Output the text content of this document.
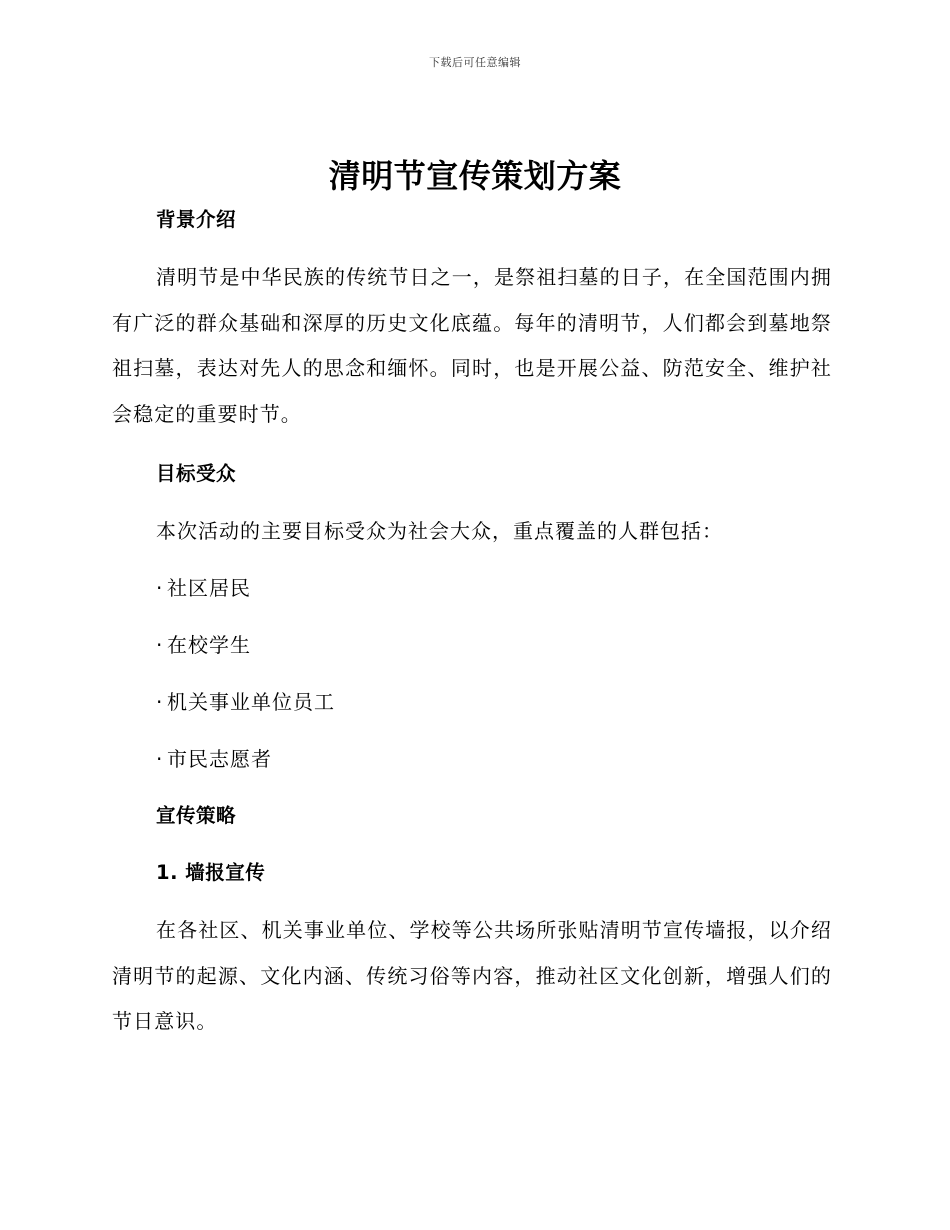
下载后可任意编辑
清明节宣传策划方案
背景介绍

清明节是中华民族的传统节日之一，是祭祖扫墓的日子，在全国范围内拥有广泛的群众基础和深厚的历史文化底蕴。每年的清明节，人们都会到墓地祭祖扫墓，表达对先人的思念和缅怀。同时，也是开展公益、防范安全、维护社会稳定的重要时节。

目标受众

本次活动的主要目标受众为社会大众，重点覆盖的人群包括：

· 社区居民
· 在校学生
· 机关事业单位员工
· 市民志愿者
宣传策略
1. 墙报宣传

在各社区、机关事业单位、学校等公共场所张贴清明节宣传墙报，以介绍清明节的起源、文化内涵、传统习俗等内容，推动社区文化创新，增强人们的节日意识。
